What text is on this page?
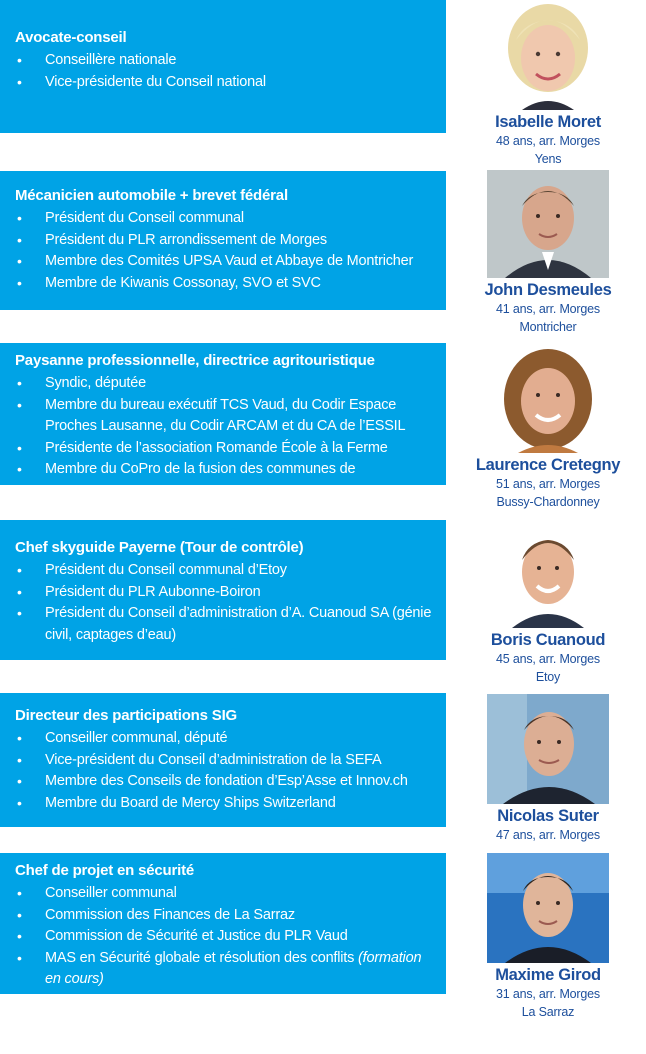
Avocate-conseil
• Conseillère nationale
• Vice-présidente du Conseil national
Isabelle Moret
48 ans, arr. Morges
Yens
Mécanicien automobile + brevet fédéral
• Président du Conseil communal
• Président du PLR arrondissement de Morges
• Membre des Comités UPSA Vaud et Abbaye de Montricher
• Membre de Kiwanis Cossonay, SVO et SVC	John Desmeules
41 ans, arr. Morges
Montricher
Paysanne professionnelle, directrice agritouristique
• Syndic, députée
• Membre du bureau exécutif TCS Vaud, du Codir Espace Proches Lausanne, du Codir ARCAM et du CA de l’ESSIL
• Présidente de l’association Romande École à la Ferme
• Membre du CoPro de la fusion des communes de Hautemorges
Laurence Cretegny
51 ans, arr. Morges
Bussy-Chardonney
Chef skyguide Payerne (Tour de contrôle)
• Président du Conseil communal d’Etoy
• Président du PLR Aubonne-Boiron
• Président du Conseil d’administration d’A. Cuanoud SA (génie civil, captages d’eau)	Boris Cuanoud
45 ans, arr. Morges
Etoy
Directeur des participations SIG
• Conseiller communal, député
• Vice-président du Conseil d’administration de la SEFA
• Membre des Conseils de fondation d’Esp’Asse et Innov.ch
• Membre du Board de Mercy Ships Switzerland
Nicolas Suter
47 ans, arr. Morges
Chef de projet en sécurité
• Conseiller communal
• Commission des Finances de La Sarraz
• Commission de Sécurité et Justice du PLR Vaud
• MAS en Sécurité globale et résolution des conflits (formation en cours)	Maxime Girod
31 ans, arr. Morges
La Sarraz
